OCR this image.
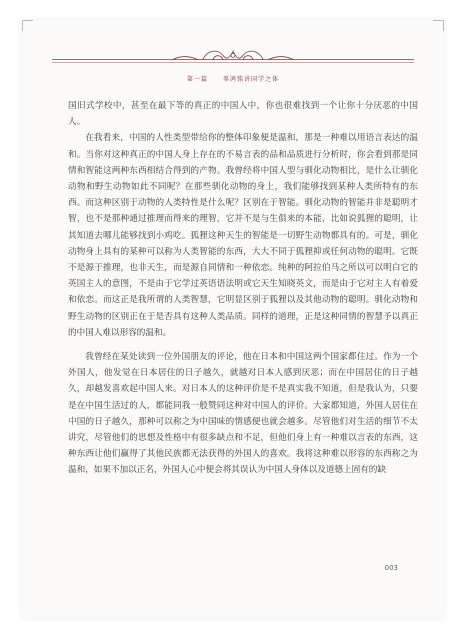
第一篇 辜鸿铭讲国学之体

国旧式学校中，甚至在最下等的真正的中国人中，你也很难找到一个让你十分厌恶的中国人。

在我看来，中国的人性类型带给你的整体印象便是温和，那是一种难以用语言表达的温和。当你对这种真正的中国人身上存在的不易言表的品和品质进行分析时，你会看到那是同情和智能这两种东西相结合得到的产物。我曾经将中国人型与驯化动物相比，是什么让驯化动物和野生动物如此不同呢？在那些驯化动物的身上，我们能够找到某种人类所特有的东西。而这种区别于动物的人类特性是什么呢？区别在于智能。驯化动物的智能并非是聪明才智，也不是那种通过推理而得来的理智，它并不是与生俱来的本能，比如说狐狸的聪明，让其知道去哪儿能够找到小鸡吃。狐狸这种天生的智能是一切野生动物都具有的。可是，驯化动物身上具有的某种可以称为人类智能的东西，大大不同于狐狸抑或任何动物的聪明。它既不是源于推理，也非天生，而是源自同情和一种依恋。纯种的阿拉伯马之所以可以明白它的英国主人的意图，不是由于它学过英语语法明或它天生知晓英文，而是由于它对主人有着爱和依恋。而这正是我所谓的人类智慧，它明显区别于狐狸以及其他动物的聪明。驯化动物和野生动物的区别正在于是否具有这种人类品质。同样的道理，正是这种同情的智慧予以真正的中国人难以形容的温和。

我曾经在某处读到一位外国朋友的评论，他在日本和中国这两个国家都住过。作为一个外国人，他发觉在日本居住的日子越久，就越对日本人感到厌恶；而在中国居住的日子越久，却越发喜欢起中国人来。对日本人的这种评价是不是真实我不知道，但是我认为，只要是在中国生活过的人，都能同我一般赞同这种对中国人的评价。大家都知道，外国人居住在中国的日子越久，那种可以称之为中国味的情感便也就会越多。尽管他们对生活的细节不太讲究，尽管他们的思想及性格中有很多缺点和不足，但他们身上有一种难以言表的东西，这种东西让他们赢得了其他民族都无法获得的外国人的喜欢。我将这种难以形容的东西称之为温和，如果不加以正名，外国人心中便会将其误认为中国人身体以及道德上固有的缺

003
